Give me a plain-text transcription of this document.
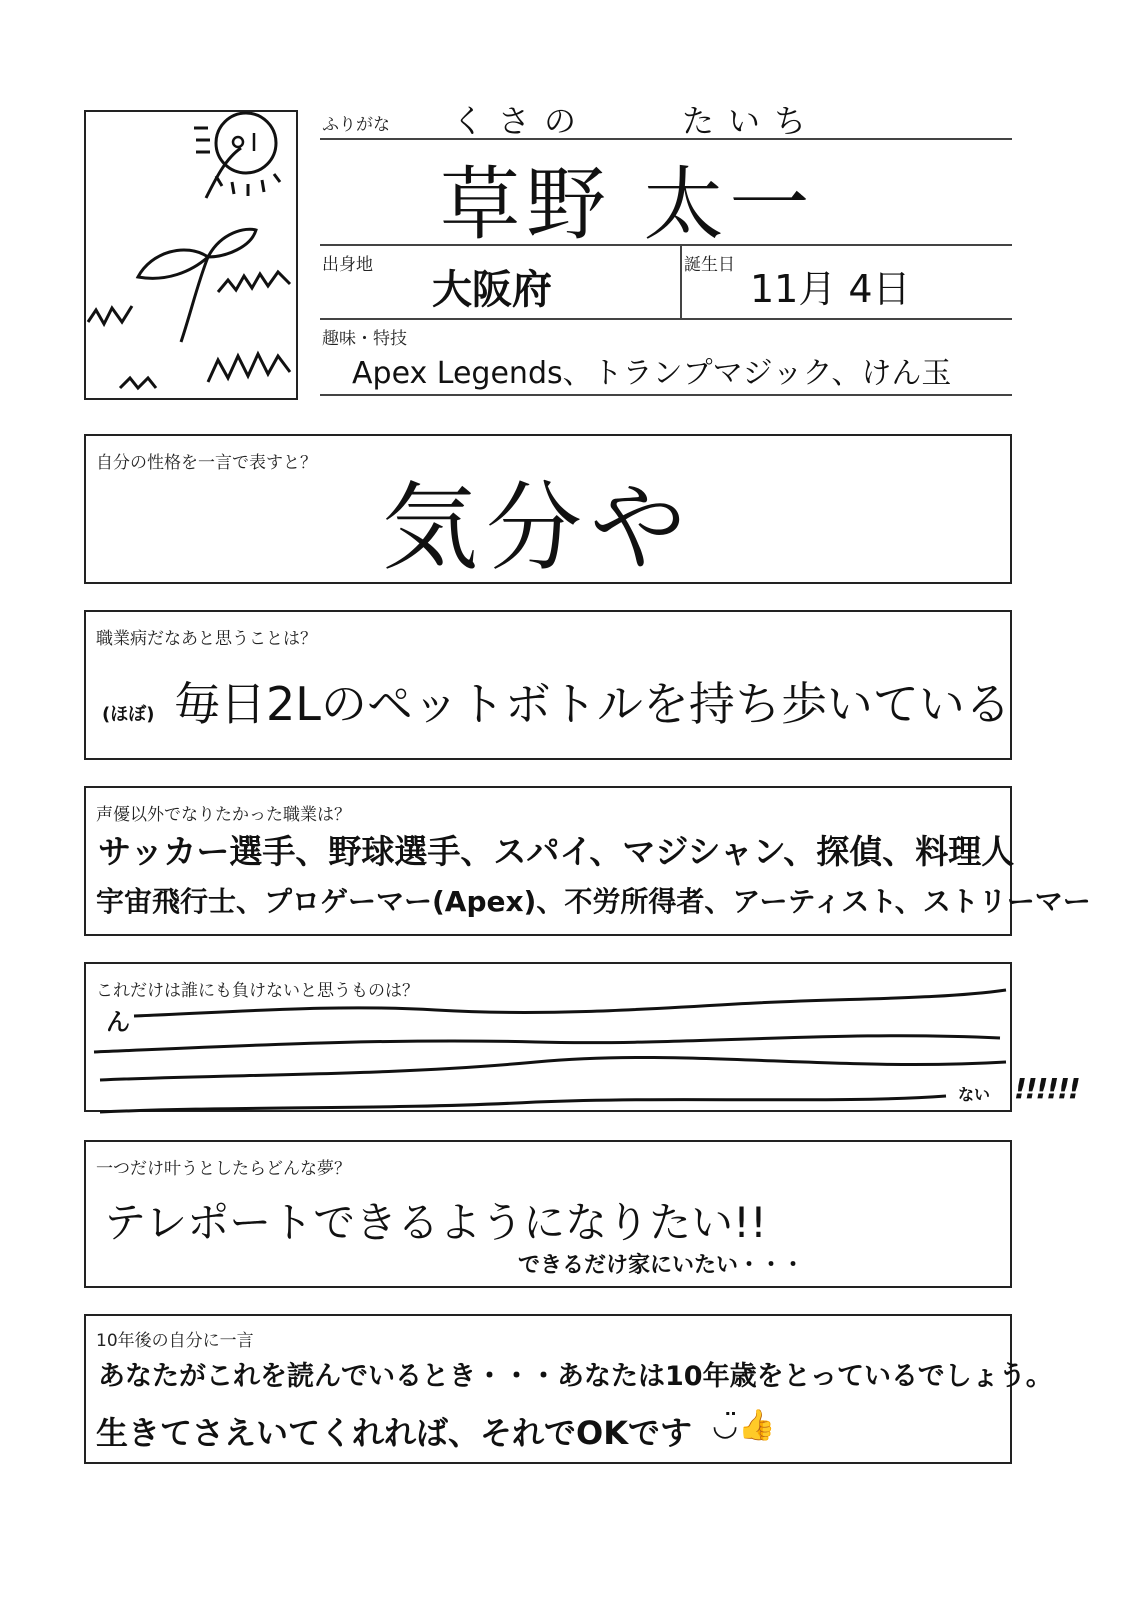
ふりがな くさの　　たいち
草野 太一
出身地
大阪府
誕生日
11月 4日
趣味・特技
Apex Legends、トランプマジック、けん玉
自分の性格を一言で表すと？
気分や
職業病だなあと思うことは？
(ほぼ) 毎日2Lのペットボトルを持ち歩いている
声優以外でなりたかった職業は？
サッカー選手、野球選手、スパイ、マジシャン、探偵、料理人
宇宙飛行士、プロゲーマー(Apex)、不労所得者、アーティスト、ストリーマー
これだけは誰にも負けないと思うものは？
ん
ない !!!!!!
一つだけ叶うとしたらどんな夢？
テレポートできるようになりたい!!
できるだけ家にいたい・・・
10年後の自分に一言
あなたがこれを読んでいるとき・・・あなたは10年歳をとっているでしょう。
生きてさえいてくれれば、それでOKです ◡̈👍
